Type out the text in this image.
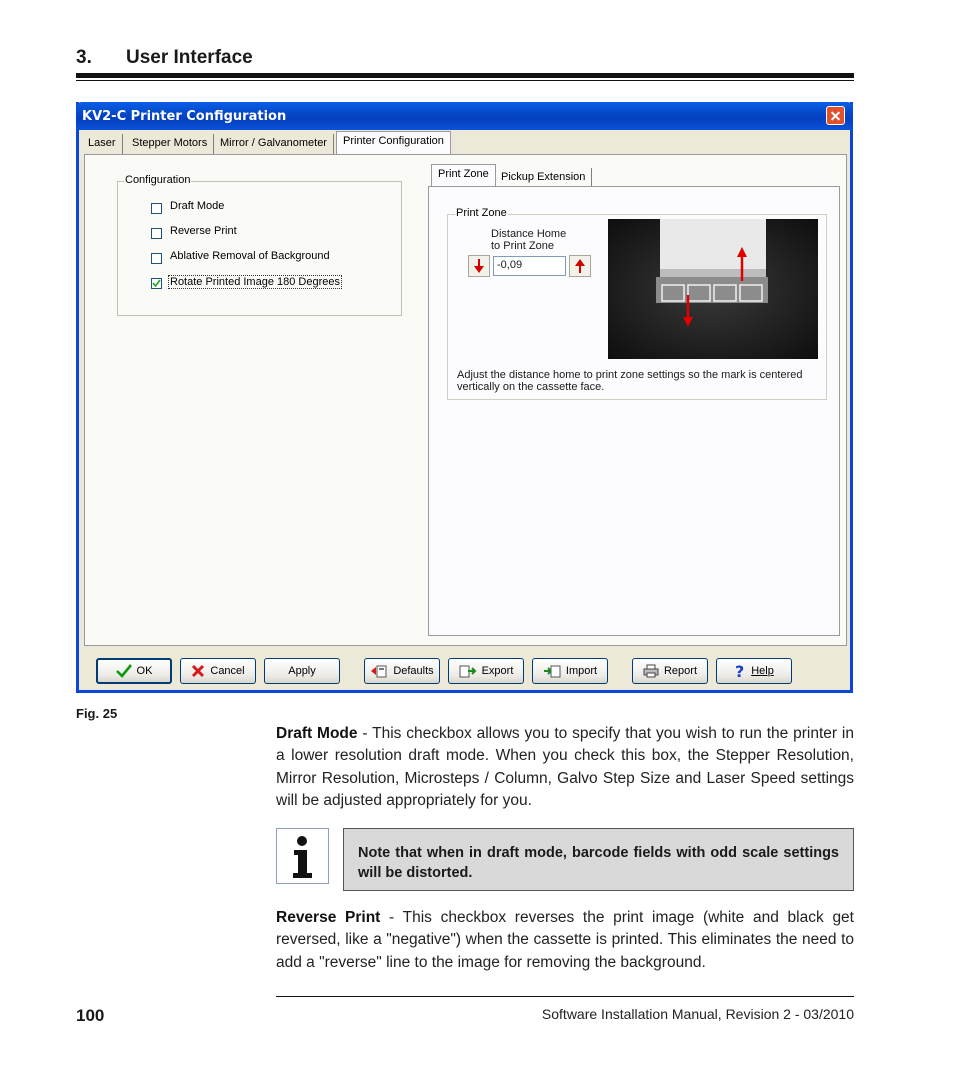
3. User Interface
KV2-C Printer Configuration
Laser	Stepper Motors	Mirror / Galvanometer	Printer Configuration
Configuration
Draft Mode
Reverse Print
Ablative Removal of Background
Rotate Printed Image 180 Degrees
Print Zone	Pickup Extension
Print Zone
Distance Home
to Print Zone
-0,09
Adjust the distance home to print zone settings so the mark is centered
vertically on the cassette face.
OK	Cancel	Apply	Defaults	Export	Import	Report ? Help
Fig. 25
Draft Mode - This checkbox allows you to specify that you wish to run the printer in a lower resolution draft mode. When you check this box, the Stepper Resolution, Mirror Resolution, Microsteps / Column, Galvo Step Size and Laser Speed settings will be adjusted appropriately for you.
Note that when in draft mode, barcode fields with odd scale settings will be distorted.
Reverse Print - This checkbox reverses the print image (white and black get reversed, like a "negative") when the cassette is printed. This eliminates the need to add a "reverse" line to the image for removing the background.
100	Software Installation Manual, Revision 2 - 03/2010
